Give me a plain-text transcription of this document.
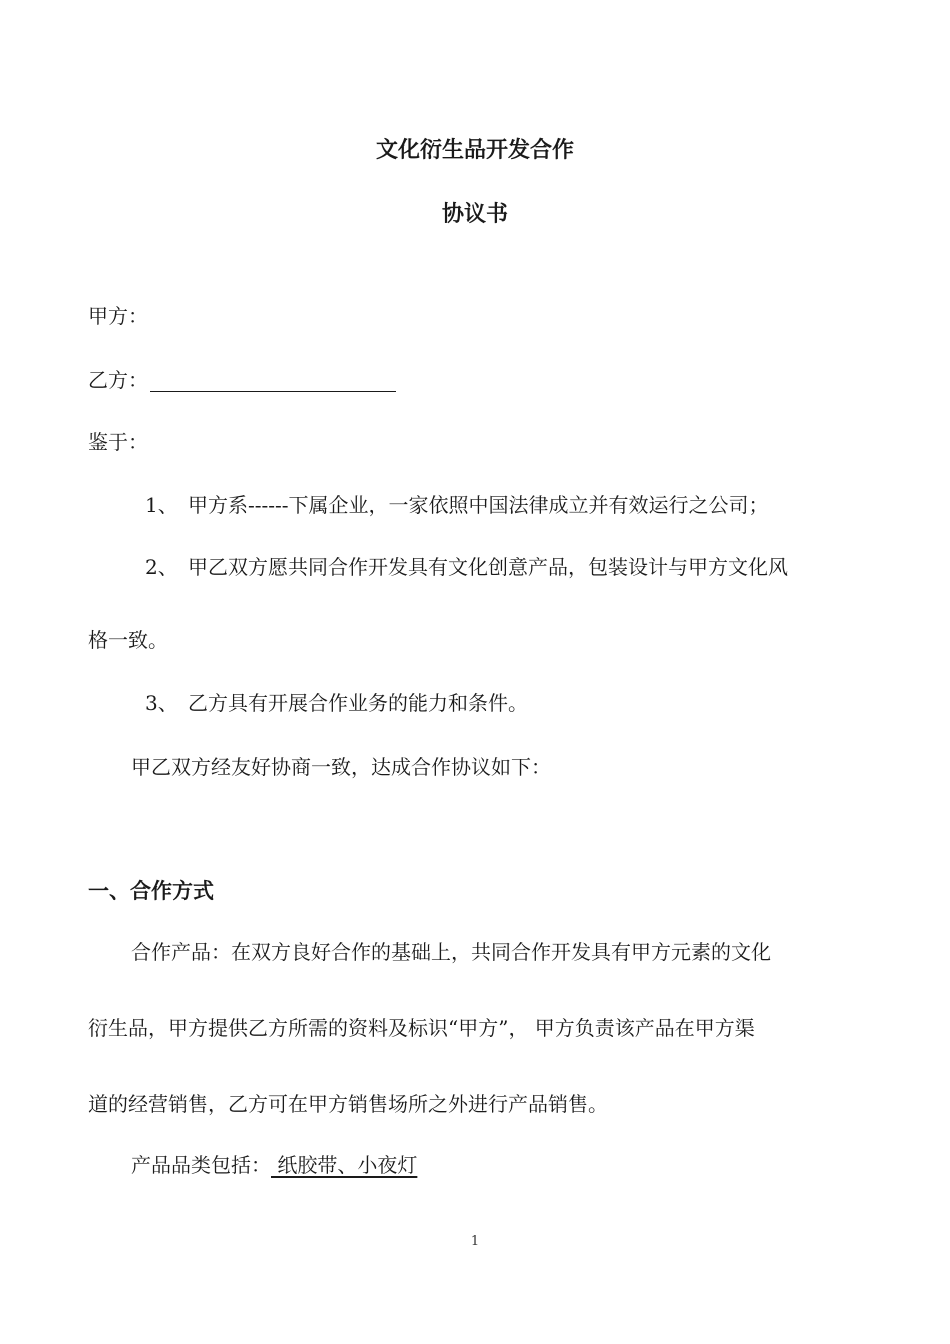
文化衍生品开发合作
协议书
甲方：
乙方：
鉴于：
1、 甲方系------下属企业，一家依照中国法律成立并有效运行之公司；
2、 甲乙双方愿共同合作开发具有文化创意产品，包装设计与甲方文化风
格一致。
3、 乙方具有开展合作业务的能力和条件。
甲乙双方经友好协商一致，达成合作协议如下：
一、合作方式
合作产品：在双方良好合作的基础上，共同合作开发具有甲方元素的文化
衍生品，甲方提供乙方所需的资料及标识“甲方”， 甲方负责该产品在甲方渠
道的经营销售，乙方可在甲方销售场所之外进行产品销售。
产品品类包括： 纸胶带、小夜灯
1
